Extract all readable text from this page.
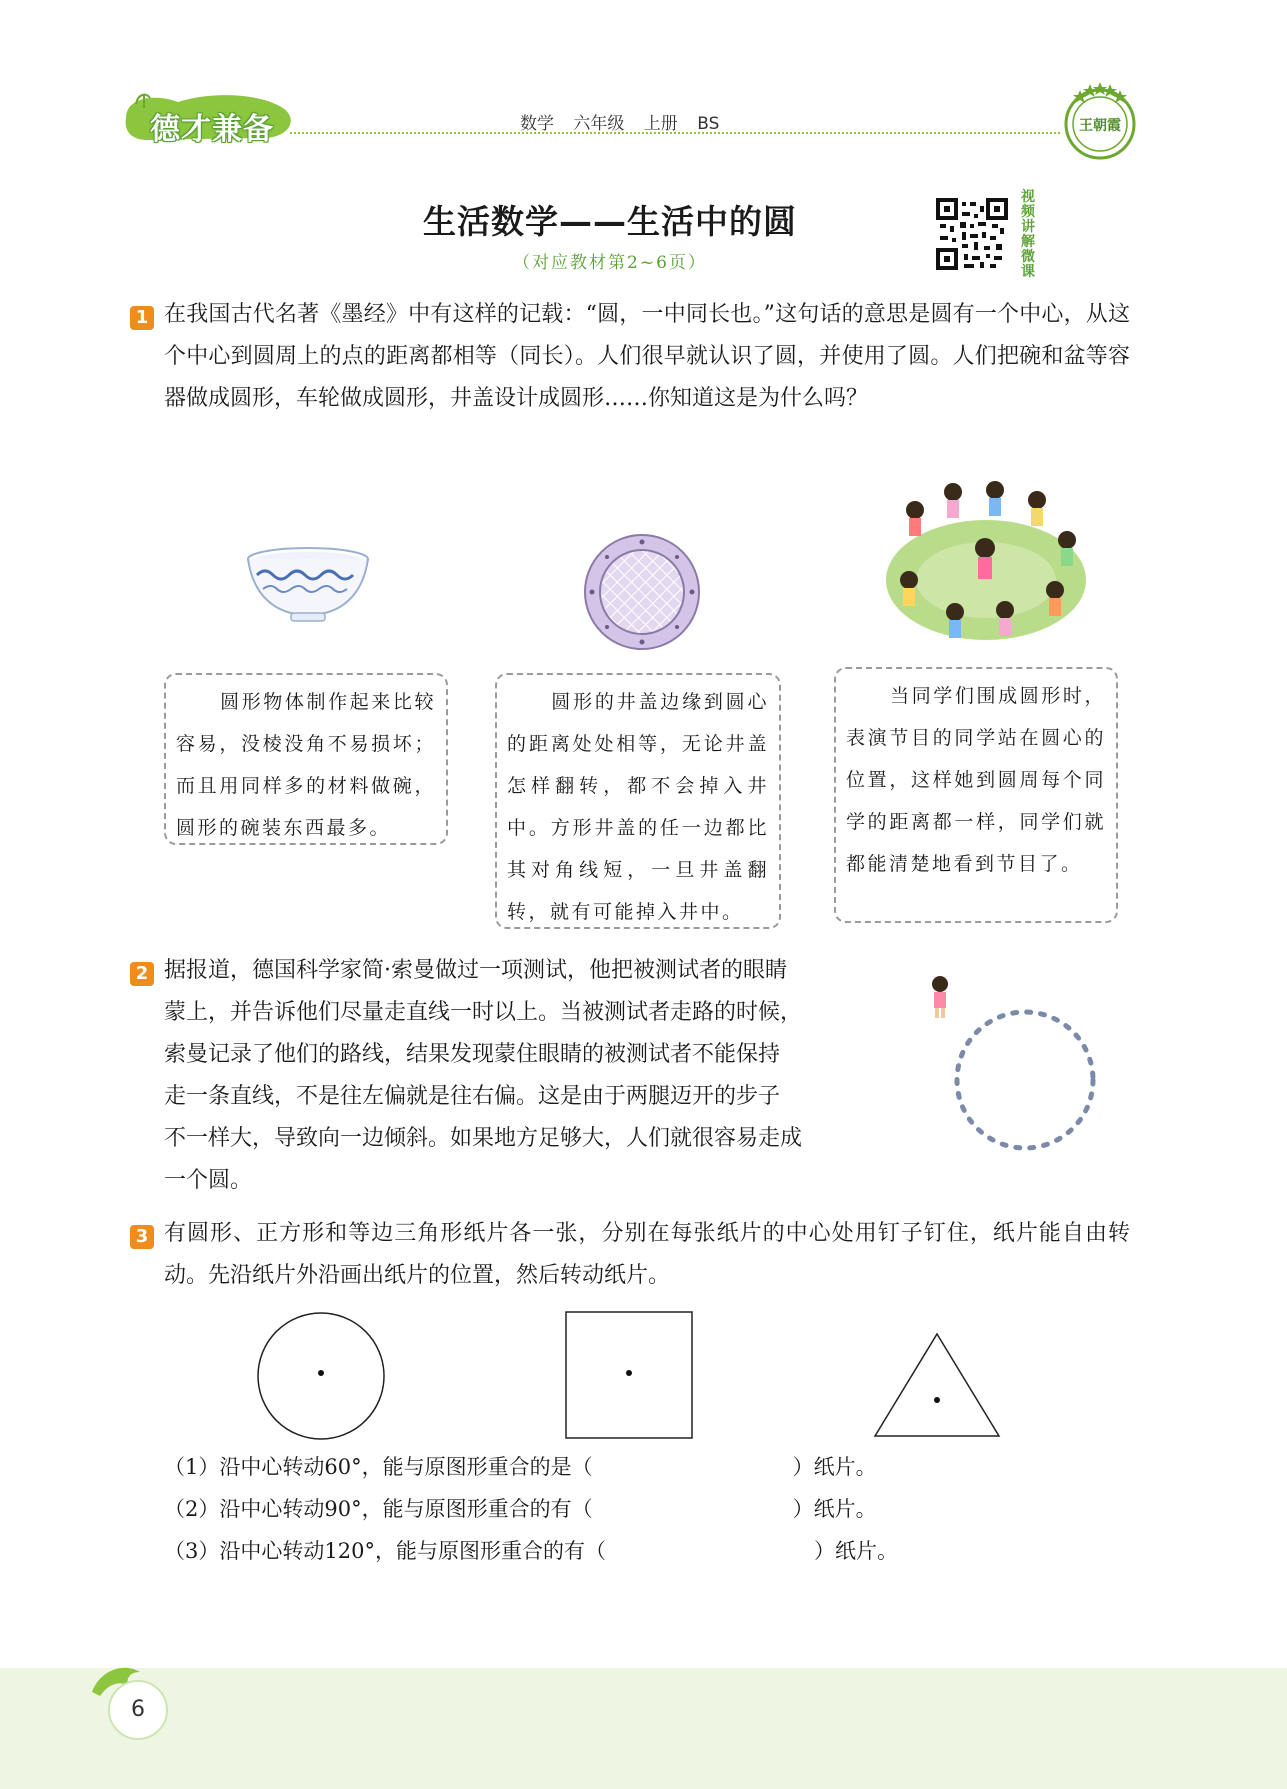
德才兼备	数学 六年级 上册 BS	王朝霞
生活数学——生活中的圆
（对应教材第2~6页）
视频讲解微课
1 在我国古代名著《墨经》中有这样的记载：“圆，一中同长也。”这句话的意思是圆有一个中心，从这个中心到圆周上的点的距离都相等（同长）。人们很早就认识了圆，并使用了圆。人们把碗和盆等容器做成圆形，车轮做成圆形，井盖设计成圆形……你知道这是为什么吗？

圆形物体制作起来比较容易，没棱没角不易损坏；而且用同样多的材料做碗，圆形的碗装东西最多。
圆形的井盖边缘到圆心的距离处处相等，无论井盖怎样翻转，都不会掉入井中。方形井盖的任一边都比其对角线短，一旦井盖翻转，就有可能掉入井中。
当同学们围成圆形时，表演节目的同学站在圆心的位置，这样她到圆周每个同学的距离都一样，同学们就都能清楚地看到节目了。
2 据报道，德国科学家简·索曼做过一项测试，他把被测试者的眼睛

蒙上，并告诉他们尽量走直线一时以上。当被测试者走路的时候，

索曼记录了他们的路线，结果发现蒙住眼睛的被测试者不能保持

走一条直线，不是往左偏就是往右偏。这是由于两腿迈开的步子

不一样大，导致向一边倾斜。如果地方足够大，人们就很容易走成

一个圆。

3 有圆形、正方形和等边三角形纸片各一张，分别在每张纸片的中心处用钉子钉住，纸片能自由转动。先沿纸片外沿画出纸片的位置，然后转动纸片。

（1）沿中心转动60°，能与原图形重合的是（	）纸片。
（2）沿中心转动90°，能与原图形重合的有（	）纸片。
（3）沿中心转动120°，能与原图形重合的有（	）纸片。
6
